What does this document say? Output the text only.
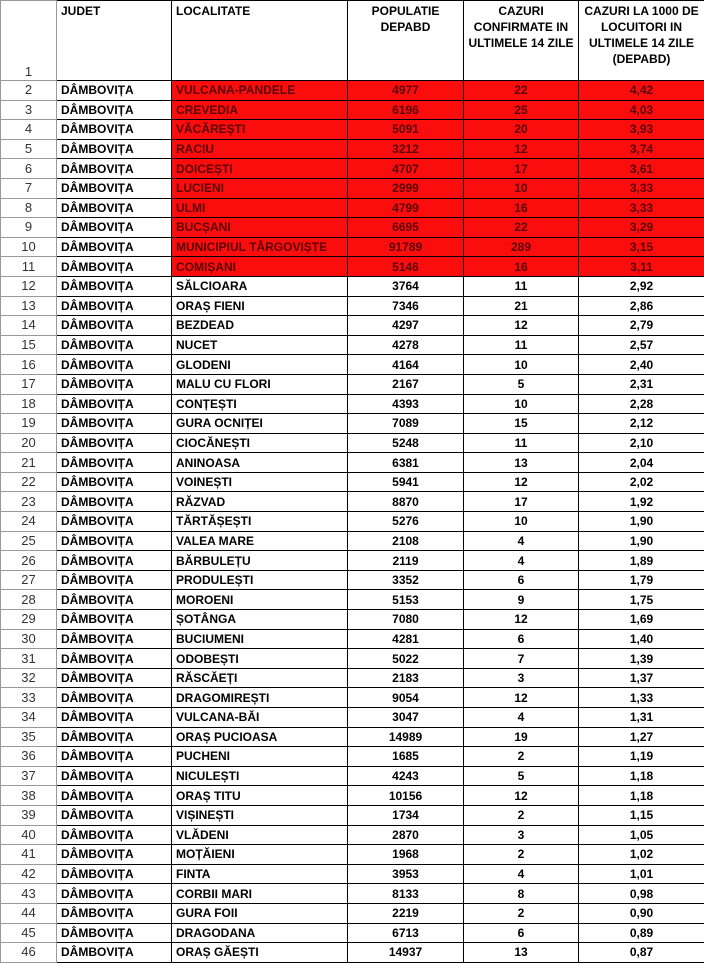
1	JUDET	LOCALITATE	POPULATIE DEPABD	CAZURI CONFIRMATE IN ULTIMELE 14 ZILE	CAZURI LA 1000 DE LOCUITORI IN ULTIMELE 14 ZILE (DEPABD)
2	DÂMBOVIȚA	VULCANA-PANDELE	4977	22	4,42
3	DÂMBOVIȚA	CREVEDIA	6196	25	4,03
4	DÂMBOVIȚA	VĂCĂREȘTI	5091	20	3,93
5	DÂMBOVIȚA	RACIU	3212	12	3,74
6	DÂMBOVIȚA	DOICEȘTI	4707	17	3,61
7	DÂMBOVIȚA	LUCIENI	2999	10	3,33
8	DÂMBOVIȚA	ULMI	4799	16	3,33
9	DÂMBOVIȚA	BUCȘANI	6695	22	3,29
10	DÂMBOVIȚA	MUNICIPIUL TÂRGOVIȘTE	91789	289	3,15
11	DÂMBOVIȚA	COMIȘANI	5146	16	3,11
12	DÂMBOVIȚA	SĂLCIOARA	3764	11	2,92
13	DÂMBOVIȚA	ORAȘ FIENI	7346	21	2,86
14	DÂMBOVIȚA	BEZDEAD	4297	12	2,79
15	DÂMBOVIȚA	NUCET	4278	11	2,57
16	DÂMBOVIȚA	GLODENI	4164	10	2,40
17	DÂMBOVIȚA	MALU CU FLORI	2167	5	2,31
18	DÂMBOVIȚA	CONȚEȘTI	4393	10	2,28
19	DÂMBOVIȚA	GURA OCNIȚEI	7089	15	2,12
20	DÂMBOVIȚA	CIOCĂNEȘTI	5248	11	2,10
21	DÂMBOVIȚA	ANINOASA	6381	13	2,04
22	DÂMBOVIȚA	VOINEȘTI	5941	12	2,02
23	DÂMBOVIȚA	RĂZVAD	8870	17	1,92
24	DÂMBOVIȚA	TĂRTĂȘEȘTI	5276	10	1,90
25	DÂMBOVIȚA	VALEA MARE	2108	4	1,90
26	DÂMBOVIȚA	BĂRBULEȚU	2119	4	1,89
27	DÂMBOVIȚA	PRODULEȘTI	3352	6	1,79
28	DÂMBOVIȚA	MOROENI	5153	9	1,75
29	DÂMBOVIȚA	ȘOTÂNGA	7080	12	1,69
30	DÂMBOVIȚA	BUCIUMENI	4281	6	1,40
31	DÂMBOVIȚA	ODOBEȘTI	5022	7	1,39
32	DÂMBOVIȚA	RĂSCĂEȚI	2183	3	1,37
33	DÂMBOVIȚA	DRAGOMIREȘTI	9054	12	1,33
34	DÂMBOVIȚA	VULCANA-BĂI	3047	4	1,31
35	DÂMBOVIȚA	ORAȘ PUCIOASA	14989	19	1,27
36	DÂMBOVIȚA	PUCHENI	1685	2	1,19
37	DÂMBOVIȚA	NICULEȘTI	4243	5	1,18
38	DÂMBOVIȚA	ORAȘ TITU	10156	12	1,18
39	DÂMBOVIȚA	VIȘINEȘTI	1734	2	1,15
40	DÂMBOVIȚA	VLĂDENI	2870	3	1,05
41	DÂMBOVIȚA	MOȚĂIENI	1968	2	1,02
42	DÂMBOVIȚA	FINTA	3953	4	1,01
43	DÂMBOVIȚA	CORBII MARI	8133	8	0,98
44	DÂMBOVIȚA	GURA FOII	2219	2	0,90
45	DÂMBOVIȚA	DRAGODANA	6713	6	0,89
46	DÂMBOVIȚA	ORAȘ GĂEȘTI	14937	13	0,87
